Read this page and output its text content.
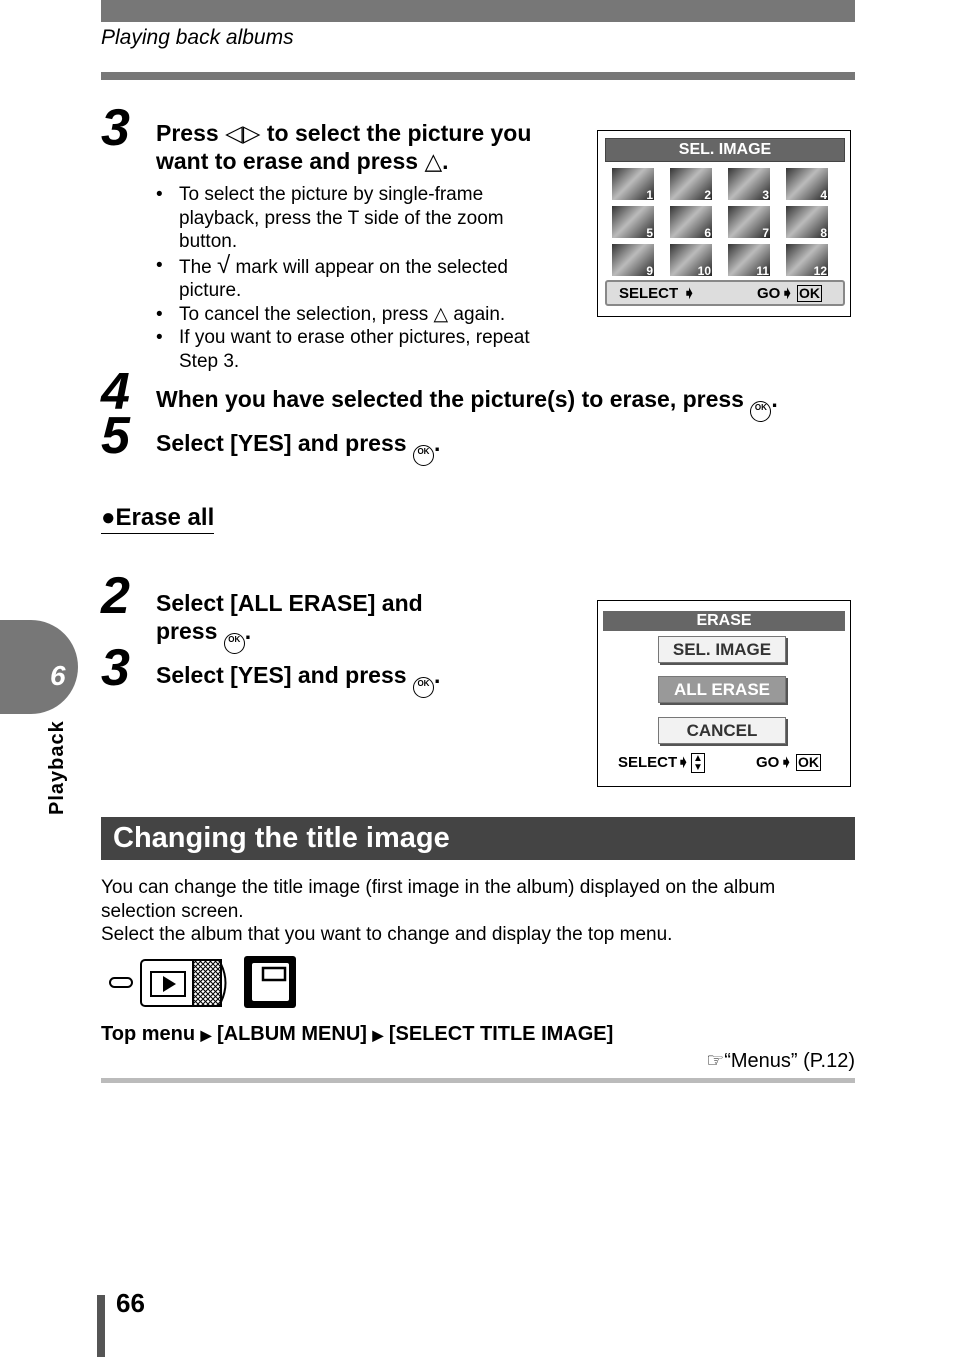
Playing back albums
3 Press ◁▷ to select the picture you want to erase and press △.
• To select the picture by single-frame playback, press the T side of the zoom button.
• The √ mark will appear on the selected picture.
• To cancel the selection, press △ again.
• If you want to erase other pictures, repeat Step 3.
SEL. IMAGE
1	2	3	4
5	6	7	8
9	10	11	12
SELECT ➧	GO ➧ OK
4 When you have selected the picture(s) to erase, press OK .
5 Select [YES] and press OK .
●Erase all
2 Select [ALL ERASE] and press OK .
3 Select [YES] and press OK .
ERASE
SEL. IMAGE
ALL ERASE
CANCEL
SELECT ➧ ▲
▼	GO ➧ OK
Changing the title image
You can change the title image (first image in the album) displayed on the album selection screen.
Select the album that you want to change and display the top menu.
Top menu ▶ [ALBUM MENU] ▶ [SELECT TITLE IMAGE]
☞“Menus” (P.12)
6
Playback
66
